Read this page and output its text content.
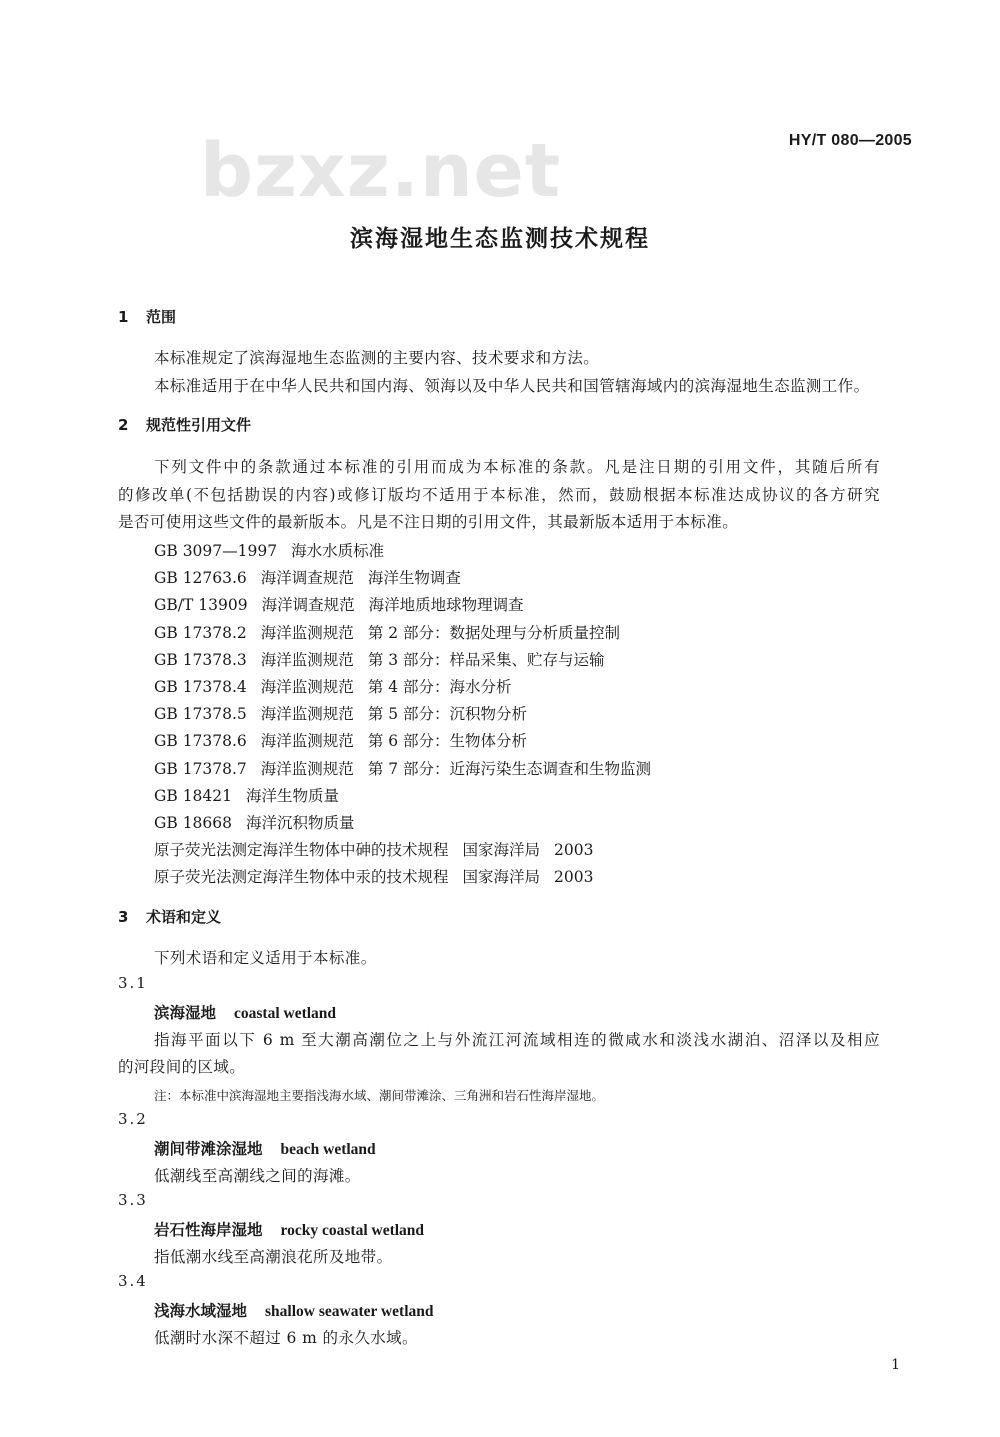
bzxz.net	HY/T 080—2005
滨海湿地生态监测技术规程
1 范围
本标准规定了滨海湿地生态监测的主要内容、技术要求和方法。
本标准适用于在中华人民共和国内海、领海以及中华人民共和国管辖海域内的滨海湿地生态监测工作。
2 规范性引用文件
下列文件中的条款通过本标准的引用而成为本标准的条款。凡是注日期的引用文件，其随后所有
的修改单(不包括勘误的内容)或修订版均不适用于本标准，然而，鼓励根据本标准达成协议的各方研究
是否可使用这些文件的最新版本。凡是不注日期的引用文件，其最新版本适用于本标准。
GB 3097—1997 海水水质标准
GB 12763.6 海洋调查规范 海洋生物调查
GB/T 13909 海洋调查规范 海洋地质地球物理调查
GB 17378.2 海洋监测规范 第 2 部分：数据处理与分析质量控制
GB 17378.3 海洋监测规范 第 3 部分：样品采集、贮存与运输
GB 17378.4 海洋监测规范 第 4 部分：海水分析
GB 17378.5 海洋监测规范 第 5 部分：沉积物分析
GB 17378.6 海洋监测规范 第 6 部分：生物体分析
GB 17378.7 海洋监测规范 第 7 部分：近海污染生态调查和生物监测
GB 18421 海洋生物质量
GB 18668 海洋沉积物质量
原子荧光法测定海洋生物体中砷的技术规程 国家海洋局 2003
原子荧光法测定海洋生物体中汞的技术规程 国家海洋局 2003
3 术语和定义
下列术语和定义适用于本标准。
3.1
滨海湿地 coastal wetland
指海平面以下 6 m 至大潮高潮位之上与外流江河流域相连的微咸水和淡浅水湖泊、沼泽以及相应
的河段间的区域。
注：本标准中滨海湿地主要指浅海水域、潮间带滩涂、三角洲和岩石性海岸湿地。
3.2
潮间带滩涂湿地 beach wetland
低潮线至高潮线之间的海滩。
3.3
岩石性海岸湿地 rocky coastal wetland
指低潮水线至高潮浪花所及地带。
3.4
浅海水域湿地 shallow seawater wetland
低潮时水深不超过 6 m 的永久水域。
1
